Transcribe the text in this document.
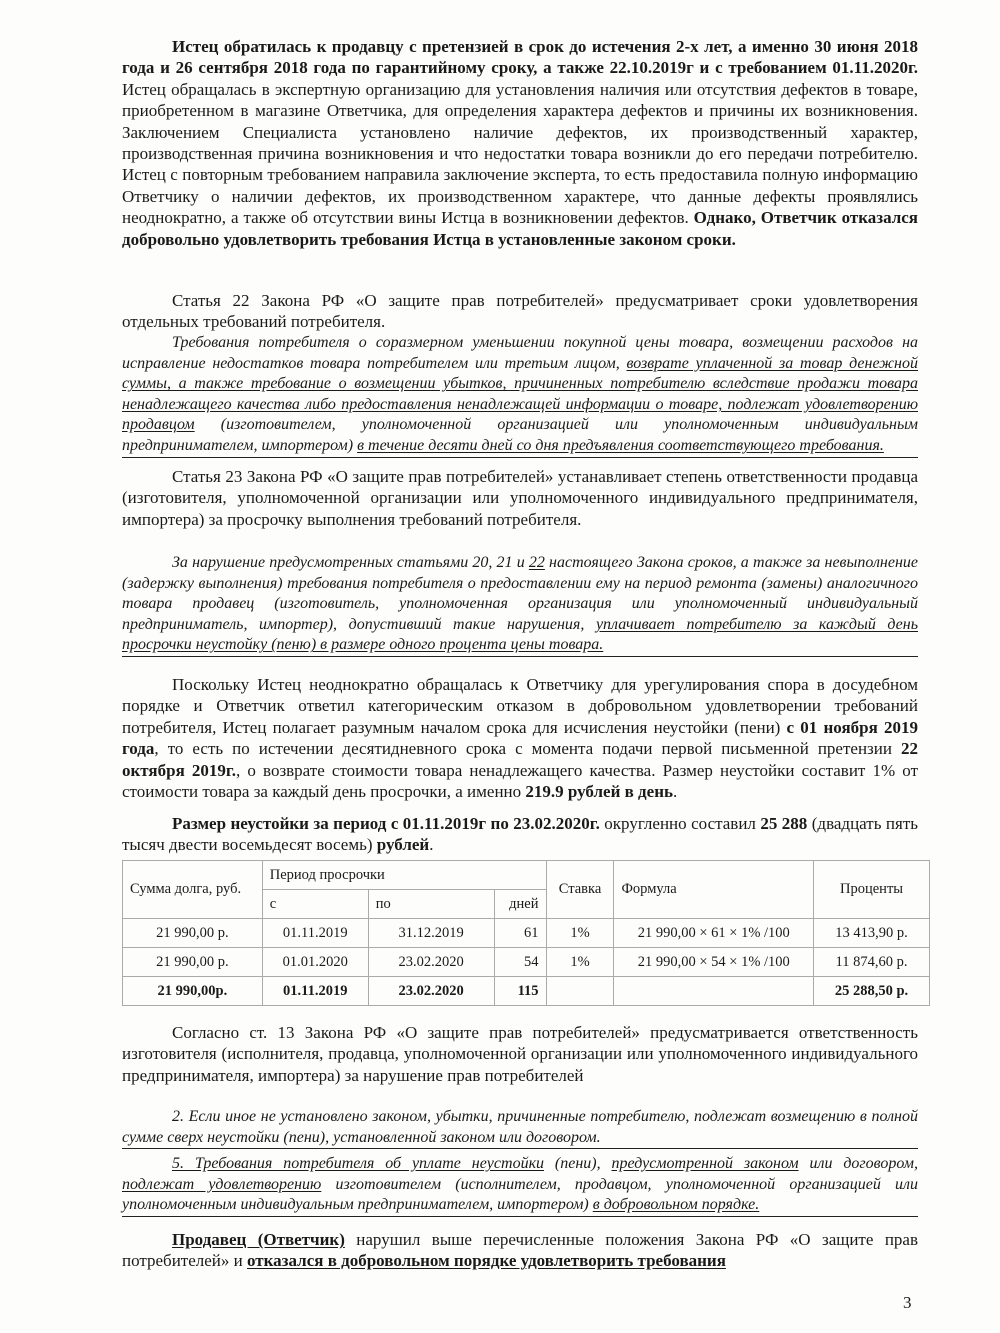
Истец обратилась к продавцу с претензией в срок до истечения 2-х лет, а именно 30 июня 2018 года и 26 сентября 2018 года по гарантийному сроку, а также 22.10.2019г и с требованием 01.11.2020г. Истец обращалась в экспертную организацию для установления наличия или отсутствия дефектов в товаре, приобретенном в магазине Ответчика, для определения характера дефектов и причины их возникновения. Заключением Специалиста установлено наличие дефектов, их производственный характер, производственная причина возникновения и что недостатки товара возникли до его передачи потребителю. Истец с повторным требованием направила заключение эксперта, то есть предоставила полную информацию Ответчику о наличии дефектов, их производственном характере, что данные дефекты проявлялись неоднократно, а также об отсутствии вины Истца в возникновении дефектов. Однако, Ответчик отказался добровольно удовлетворить требования Истца в установленные законом сроки.

Статья 22 Закона РФ «О защите прав потребителей» предусматривает сроки удовлетворения отдельных требований потребителя.

Требования потребителя о соразмерном уменьшении покупной цены товара, возмещении расходов на исправление недостатков товара потребителем или третьим лицом, возврате уплаченной за товар денежной суммы, а также требование о возмещении убытков, причиненных потребителю вследствие продажи товара ненадлежащего качества либо предоставления ненадлежащей информации о товаре, подлежат удовлетворению продавцом (изготовителем, уполномоченной организацией или уполномоченным индивидуальным предпринимателем, импортером) в течение десяти дней со дня предъявления соответствующего требования.

Статья 23 Закона РФ «О защите прав потребителей» устанавливает степень ответственности продавца (изготовителя, уполномоченной организации или уполномоченного индивидуального предпринимателя, импортера) за просрочку выполнения требований потребителя.

За нарушение предусмотренных статьями 20, 21 и 22 настоящего Закона сроков, а также за невыполнение (задержку выполнения) требования потребителя о предоставлении ему на период ремонта (замены) аналогичного товара продавец (изготовитель, уполномоченная организация или уполномоченный индивидуальный предприниматель, импортер), допустивший такие нарушения, уплачивает потребителю за каждый день просрочки неустойку (пеню) в размере одного процента цены товара.

Поскольку Истец неоднократно обращалась к Ответчику для урегулирования спора в досудебном порядке и Ответчик ответил категорическим отказом в добровольном удовлетворении требований потребителя, Истец полагает разумным началом срока для исчисления неустойки (пени) с 01 ноября 2019 года, то есть по истечении десятидневного срока с момента подачи первой письменной претензии 22 октября 2019г., о возврате стоимости товара ненадлежащего качества. Размер неустойки составит 1% от стоимости товара за каждый день просрочки, а именно 219.9 рублей в день.

Размер неустойки за период с 01.11.2019г по 23.02.2020г. округленно составил 25 288 (двадцать пять тысяч двести восемьдесят восемь) рублей.

Сумма долга, руб.	Период просрочки			Ставка	Формула	Проценты
	с	по	дней			
21 990,00 р.	01.11.2019	31.12.2019	61	1%	21 990,00 × 61 × 1% /100	13 413,90 р.
21 990,00 р.	01.01.2020	23.02.2020	54	1%	21 990,00 × 54 × 1% /100	11 874,60 р.
21 990,00р.	01.11.2019	23.02.2020	115			25 288,50 р.

Согласно ст. 13 Закона РФ «О защите прав потребителей» предусматривается ответственность изготовителя (исполнителя, продавца, уполномоченной организации или уполномоченного индивидуального предпринимателя, импортера) за нарушение прав потребителей

2. Если иное не установлено законом, убытки, причиненные потребителю, подлежат возмещению в полной сумме сверх неустойки (пени), установленной законом или договором.

5. Требования потребителя об уплате неустойки (пени), предусмотренной законом или договором, подлежат удовлетворению изготовителем (исполнителем, продавцом, уполномоченной организацией или уполномоченным индивидуальным предпринимателем, импортером) в добровольном порядке.

Продавец (Ответчик) нарушил выше перечисленные положения Закона РФ «О защите прав потребителей» и отказался в добровольном порядке удовлетворить требования

3
